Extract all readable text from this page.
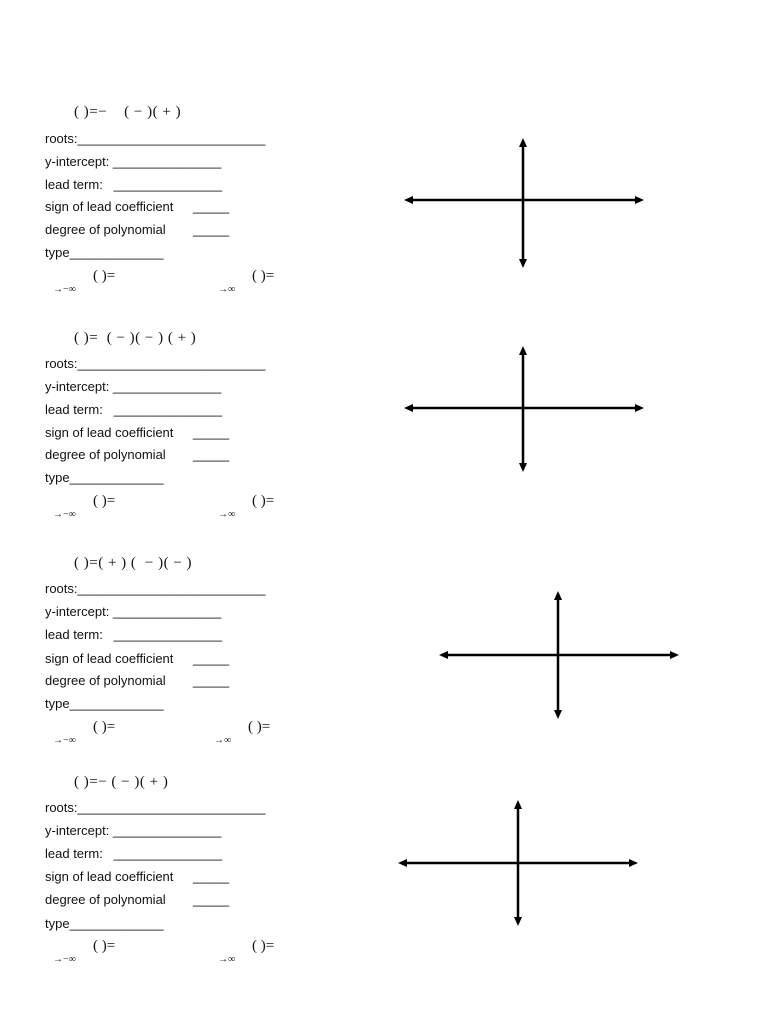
( )=−    ( − )( + )
roots:__________________________
y-intercept: _______________
lead term:   _______________
sign of lead coefficient _____
degree of polynomial _____
type_____________
→−∞
( )=
→∞
( )=
( )=  ( − )( − ) ( + )
roots:__________________________
y-intercept: _______________
lead term:   _______________
sign of lead coefficient _____
degree of polynomial _____
type_____________
→−∞
( )=
→∞
( )=
( )=( + ) (  − )( − )
roots:__________________________
y-intercept: _______________
lead term:   _______________
sign of lead coefficient _____
degree of polynomial _____
type_____________
→−∞
( )=
→∞
( )=
( )=− ( − )( + )
roots:__________________________
y-intercept: _______________
lead term:   _______________
sign of lead coefficient _____
degree of polynomial _____
type_____________
→−∞
( )=
→∞
( )=
